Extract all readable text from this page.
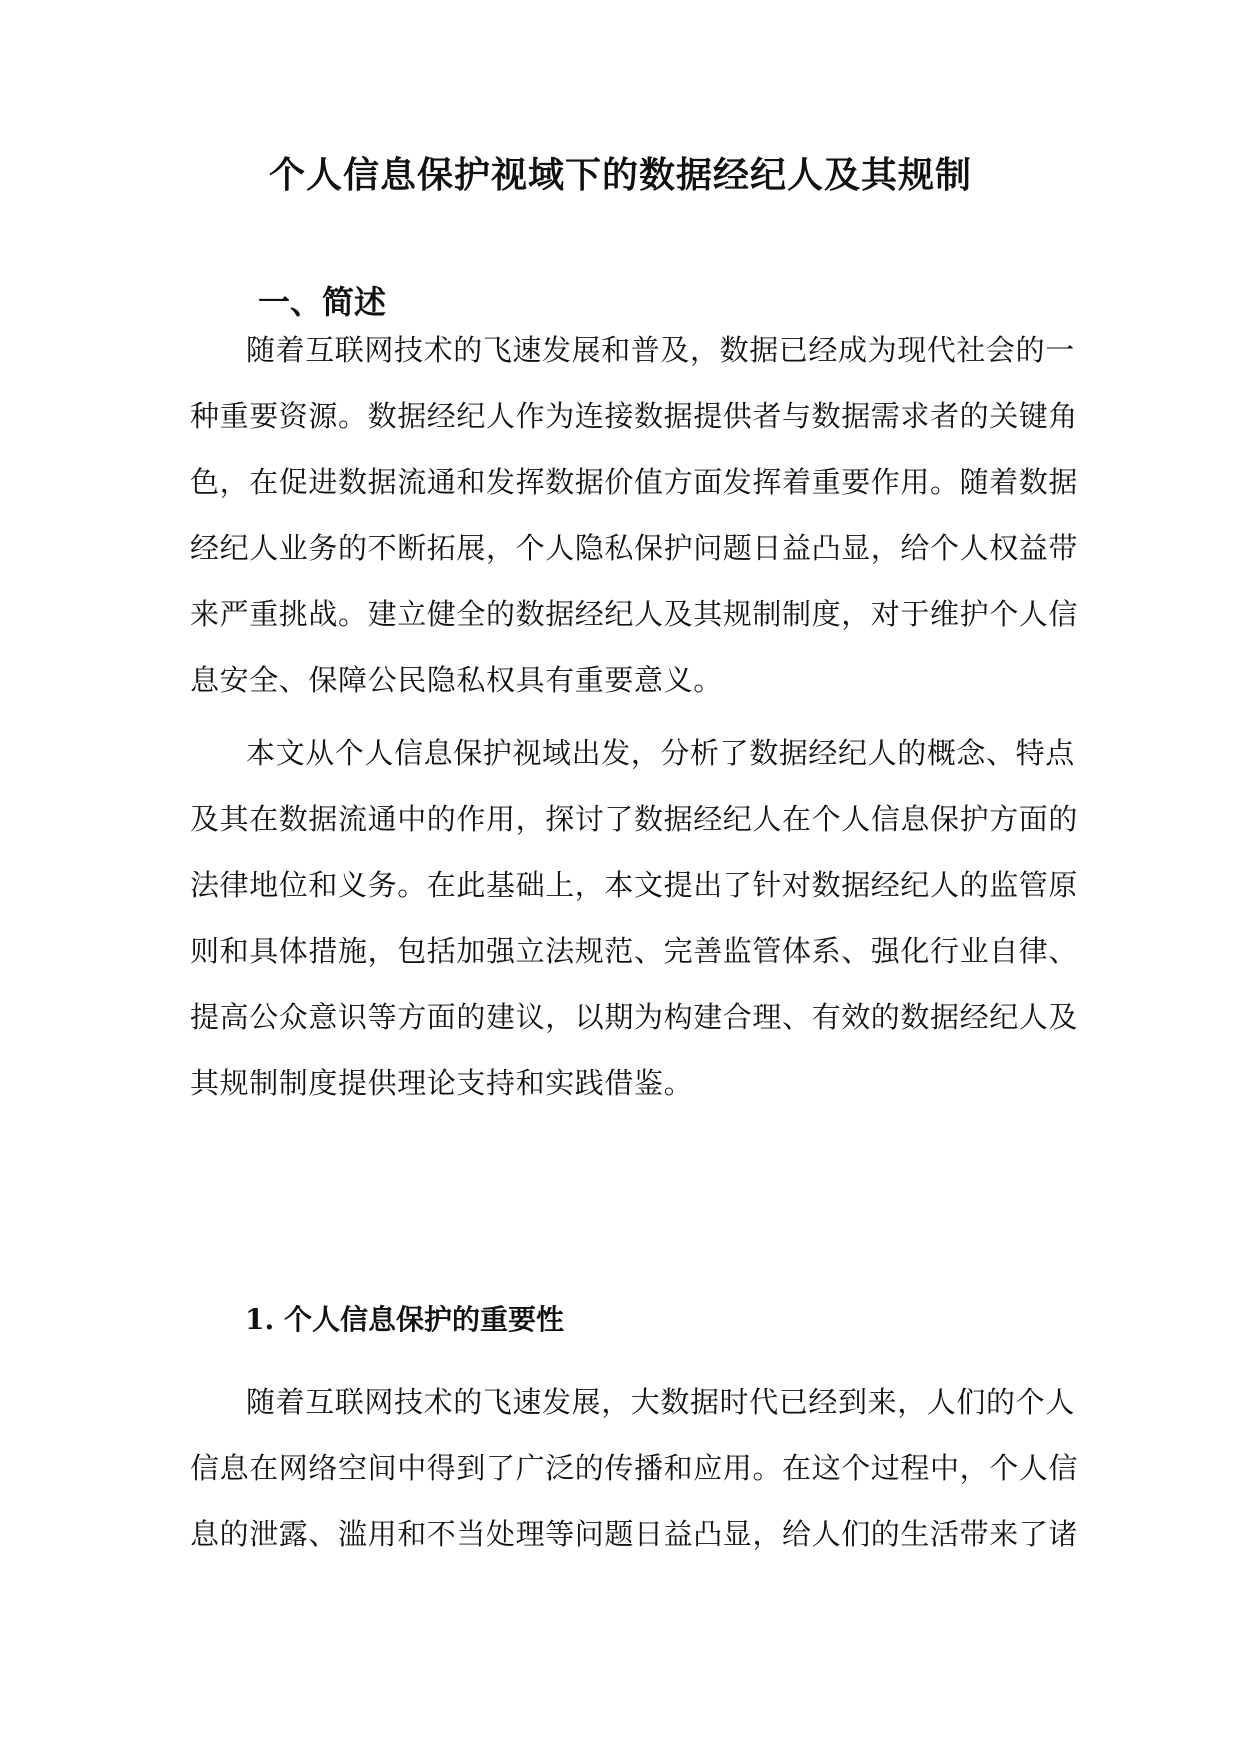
个人信息保护视域下的数据经纪人及其规制
一、简述
随着互联网技术的飞速发展和普及，数据已经成为现代社会的一
种重要资源。数据经纪人作为连接数据提供者与数据需求者的关键角
色，在促进数据流通和发挥数据价值方面发挥着重要作用。随着数据
经纪人业务的不断拓展，个人隐私保护问题日益凸显，给个人权益带
来严重挑战。建立健全的数据经纪人及其规制制度，对于维护个人信
息安全、保障公民隐私权具有重要意义。
本文从个人信息保护视域出发，分析了数据经纪人的概念、特点
及其在数据流通中的作用，探讨了数据经纪人在个人信息保护方面的
法律地位和义务。在此基础上，本文提出了针对数据经纪人的监管原
则和具体措施，包括加强立法规范、完善监管体系、强化行业自律、
提高公众意识等方面的建议，以期为构建合理、有效的数据经纪人及
其规制制度提供理论支持和实践借鉴。
1. 个人信息保护的重要性
随着互联网技术的飞速发展，大数据时代已经到来，人们的个人
信息在网络空间中得到了广泛的传播和应用。在这个过程中，个人信
息的泄露、滥用和不当处理等问题日益凸显，给人们的生活带来了诸
